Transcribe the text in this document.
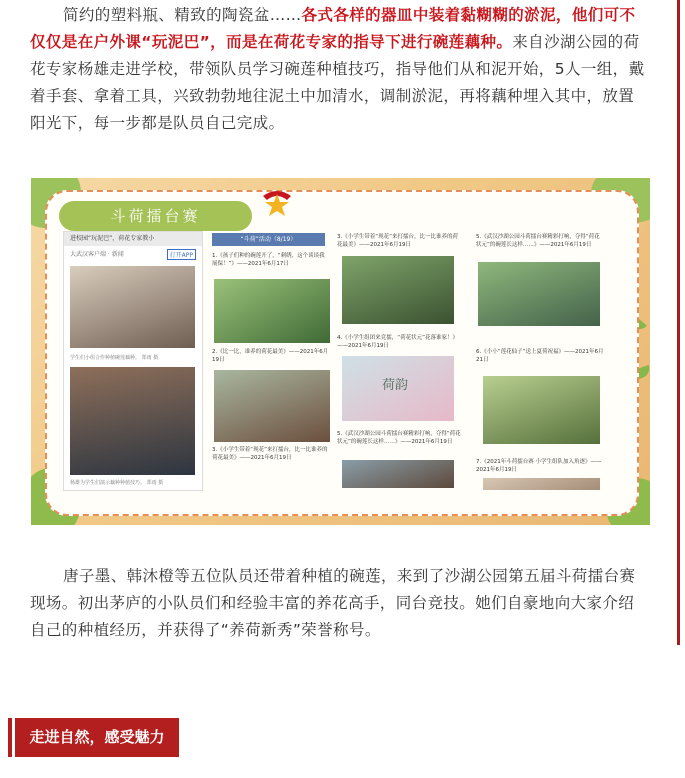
简约的塑料瓶、精致的陶瓷盆……各式各样的器皿中装着黏糊糊的淤泥，他们可不仅仅是在户外课“玩泥巴”，而是在荷花专家的指导下进行碗莲藕种。来自沙湖公园的荷花专家杨雄走进学校，带领队员学习碗莲种植技巧，指导他们从和泥开始，5人一组，戴着手套、拿着工具，兴致勃勃地往泥土中加清水，调制淤泥，再将藕种埋入其中，放置阳光下，每一步都是队员自己完成。
斗荷擂台赛
进校园“玩泥巴”，荷花专家教小
大武汉客户端 · 新闻	打开APP
学生们小组合作种植碗莲藕种。 郑雨 摄
杨雄为学生们演示藕种种植技巧。 郑雨 摄
“斗荷”活动（8/19）
1.《孩子们种的碗莲开了，“刺绣，这个谈谈我展保！”》——2021年6月17日
2.《比一比，谁养的荷花最美》——2021年6月19日
3.《小学生带着“现花”来打擂台，比一比谁养的荷花最美》——2021年6月19日
3.《小学生带着“现花”来打擂台，比一比谁养的荷花最美》——2021年6月19日
4.《小学生组团来竞擂，“荷花状元”花落谁家！》——2021年6月19日
荷韵
5.《武汉沙湖公园斗荷擂台赛精彩打响，夺得“荷花状元”的碗莲长这样……》——2021年6月19日
5.《武汉沙湖公园斗荷擂台赛精彩打响，夺得“荷花状元”的碗莲长这样……》——2021年6月19日
6.《小小“莲花仙子”送上夏荷祝福》——2021年6月21日
7.《2021年斗荷擂台赛 小学生组队加入角逐》——2021年6月19日
唐子墨、韩沐橙等五位队员还带着种植的碗莲，来到了沙湖公园第五届斗荷擂台赛现场。初出茅庐的小队员们和经验丰富的养花高手，同台竞技。她们自豪地向大家介绍自己的种植经历，并获得了“养荷新秀”荣誉称号。
走进自然，感受魅力
